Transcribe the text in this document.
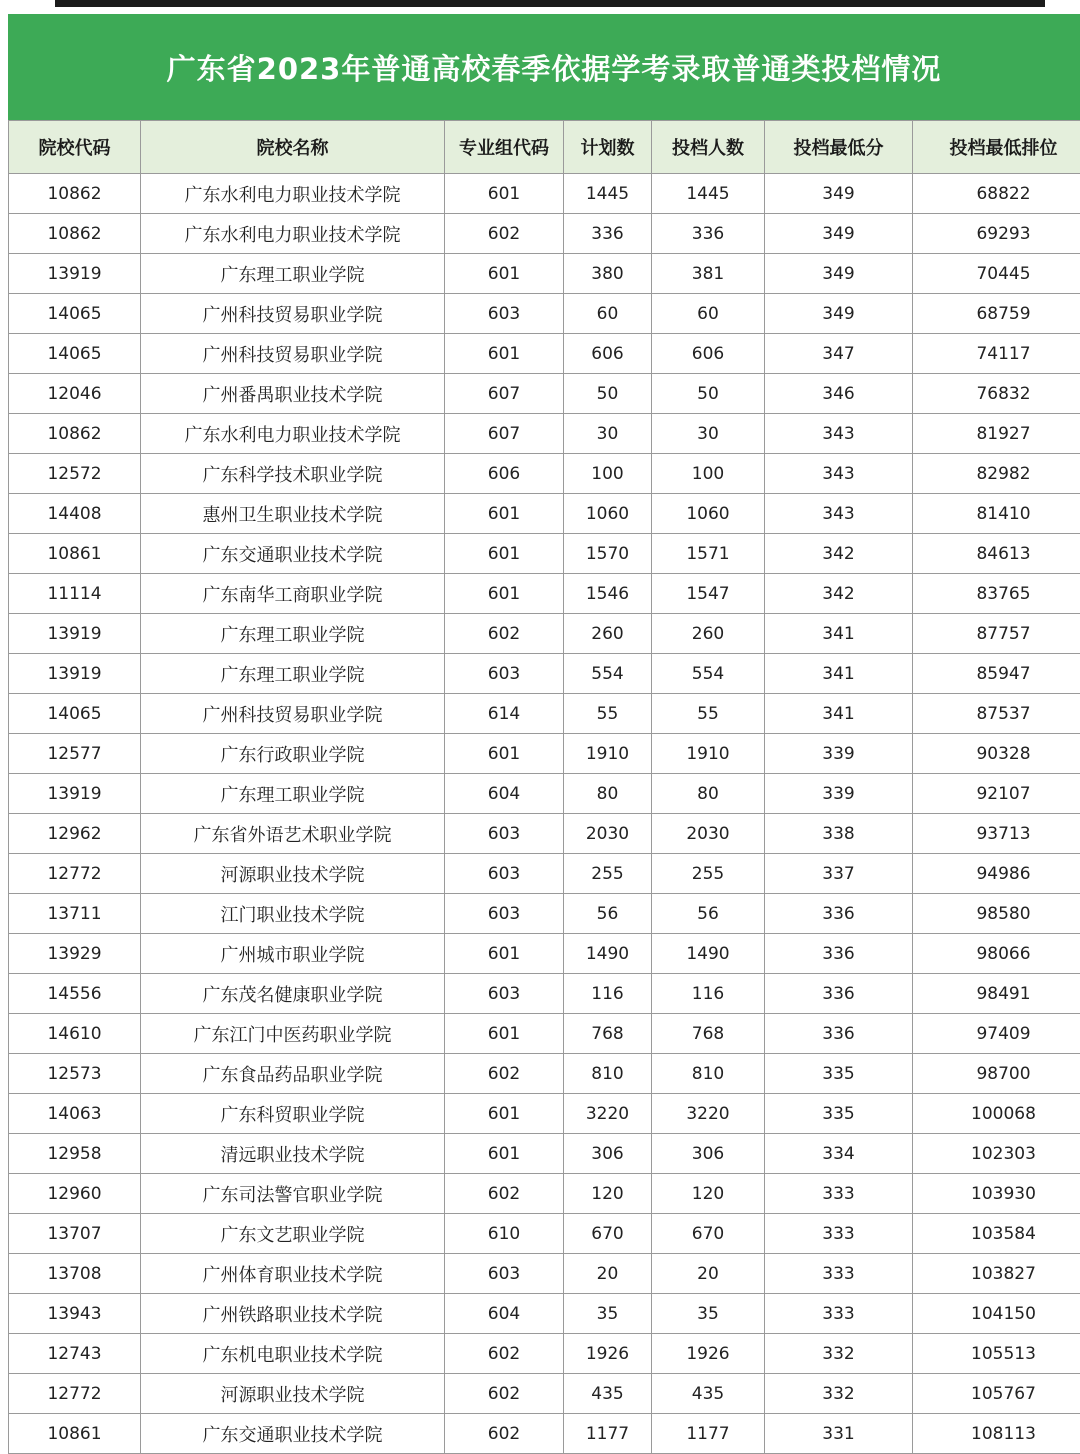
广东省2023年普通高校春季依据学考录取普通类投档情况
院校代码	院校名称	专业组代码	计划数	投档人数	投档最低分	投档最低排位
10862	广东水利电力职业技术学院	601	1445	1445	349	68822
10862	广东水利电力职业技术学院	602	336	336	349	69293
13919	广东理工职业学院	601	380	381	349	70445
14065	广州科技贸易职业学院	603	60	60	349	68759
14065	广州科技贸易职业学院	601	606	606	347	74117
12046	广州番禺职业技术学院	607	50	50	346	76832
10862	广东水利电力职业技术学院	607	30	30	343	81927
12572	广东科学技术职业学院	606	100	100	343	82982
14408	惠州卫生职业技术学院	601	1060	1060	343	81410
10861	广东交通职业技术学院	601	1570	1571	342	84613
11114	广东南华工商职业学院	601	1546	1547	342	83765
13919	广东理工职业学院	602	260	260	341	87757
13919	广东理工职业学院	603	554	554	341	85947
14065	广州科技贸易职业学院	614	55	55	341	87537
12577	广东行政职业学院	601	1910	1910	339	90328
13919	广东理工职业学院	604	80	80	339	92107
12962	广东省外语艺术职业学院	603	2030	2030	338	93713
12772	河源职业技术学院	603	255	255	337	94986
13711	江门职业技术学院	603	56	56	336	98580
13929	广州城市职业学院	601	1490	1490	336	98066
14556	广东茂名健康职业学院	603	116	116	336	98491
14610	广东江门中医药职业学院	601	768	768	336	97409
12573	广东食品药品职业学院	602	810	810	335	98700
14063	广东科贸职业学院	601	3220	3220	335	100068
12958	清远职业技术学院	601	306	306	334	102303
12960	广东司法警官职业学院	602	120	120	333	103930
13707	广东文艺职业学院	610	670	670	333	103584
13708	广州体育职业技术学院	603	20	20	333	103827
13943	广州铁路职业技术学院	604	35	35	333	104150
12743	广东机电职业技术学院	602	1926	1926	332	105513
12772	河源职业技术学院	602	435	435	332	105767
10861	广东交通职业技术学院	602	1177	1177	331	108113
